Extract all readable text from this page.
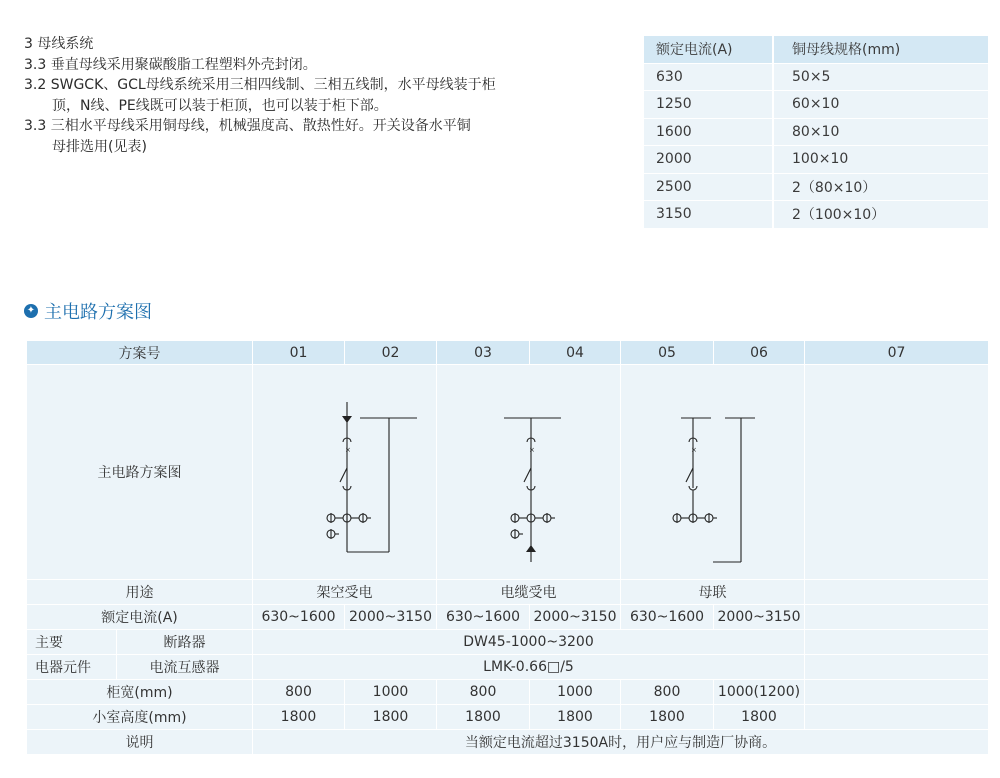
3 母线系统
3.3 垂直母线采用聚碳酸脂工程塑料外壳封闭。
3.2 SWGCK、GCL母线系统采用三相四线制、三相五线制，水平母线装于柜
顶，N线、PE线既可以装于柜顶，也可以装于柜下部。
3.3 三相水平母线采用铜母线，机械强度高、散热性好。开关设备水平铜
母排选用(见表)
额定电流(A)	铜母线规格(mm)
630	50×5
1250	60×10
1600	80×10
2000	100×10
2500	2（80×10）
3150	2（100×10）
✦ 主电路方案图
方案号		01	02	03	04	05	06	07
主电路方案图		×		×		×		

用途		架空受电		电缆受电		母联		
额定电流(A)		630~1600	2000~3150	630~1600	2000~3150	630~1600	2000~3150	
主要	断路器	DW45-1000~3200						
电器元件	电流互感器	LMK-0.66□/5						
柜宽(mm)		800	1000	800	1000	800	1000(1200)	
小室高度(mm)		1800	1800	1800	1800	1800	1800	
说明		当额定电流超过3150A时，用户应与制造厂协商。						
